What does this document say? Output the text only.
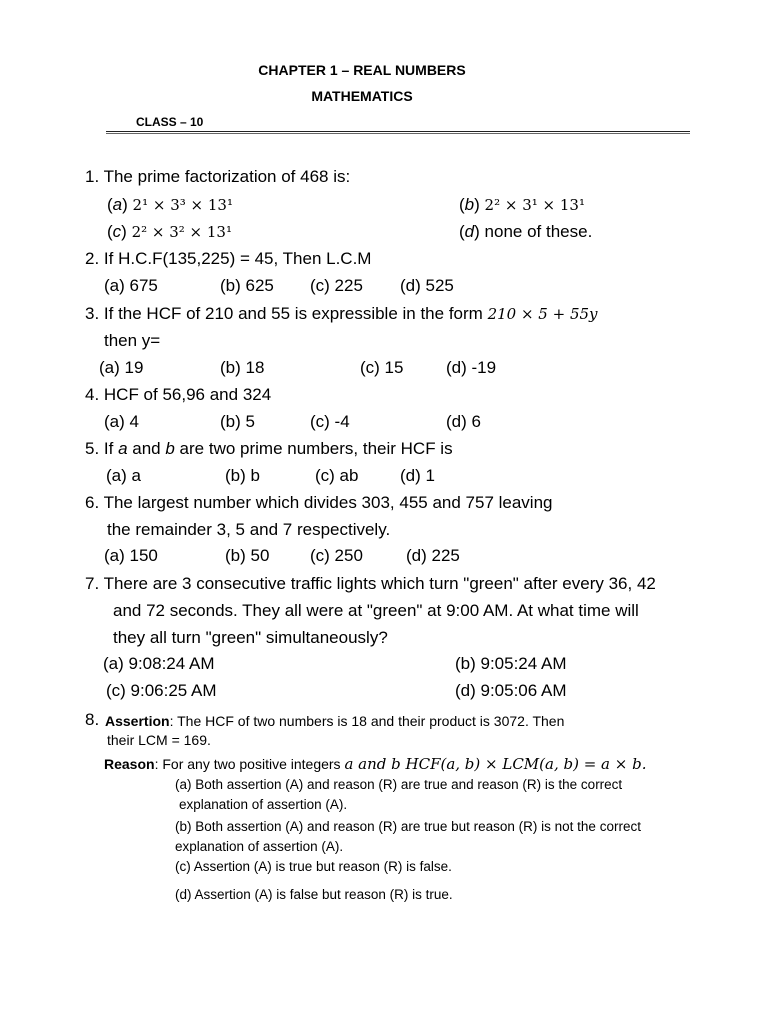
CHAPTER 1 – REAL NUMBERS
MATHEMATICS
CLASS – 10
1. The prime factorization of 468 is:
(a) 2¹ × 3³ × 13¹	(b) 2² × 3¹ × 13¹
(c) 2² × 3² × 13¹	(d) none of these.
2. If H.C.F(135,225) = 45, Then L.C.M
(a) 675	(b) 625 (c) 225 (d) 525
3. If the HCF of 210 and 55 is expressible in the form 210 × 5 + 55y
then y=
(a) 19	(b) 18	(c) 15	(d) -19
4. HCF of 56,96 and 324
(a) 4	(b) 5	(c) -4	(d) 6
5. If a and b are two prime numbers, their HCF is
(a) a	(b) b	(c) ab (d) 1
6. The largest number which divides 303, 455 and 757 leaving
the remainder 3, 5 and 7 respectively.
(a) 150	(b) 50 (c) 250	(d) 225
7. There are 3 consecutive traffic lights which turn "green" after every 36, 42
and 72 seconds. They all were at "green" at 9:00 AM. At what time will
they all turn "green" simultaneously?
(a) 9:08:24 AM	(b) 9:05:24 AM
(c) 9:06:25 AM	(d) 9:05:06 AM
8. Assertion: The HCF of two numbers is 18 and their product is 3072. Then
their LCM = 169.
Reason: For any two positive integers a and b HCF(a, b) × LCM(a, b) = a × b.
(a) Both assertion (A) and reason (R) are true and reason (R) is the correct
explanation of assertion (A).
(b) Both assertion (A) and reason (R) are true but reason (R) is not the correct
explanation of assertion (A).
(c) Assertion (A) is true but reason (R) is false.
(d) Assertion (A) is false but reason (R) is true.
